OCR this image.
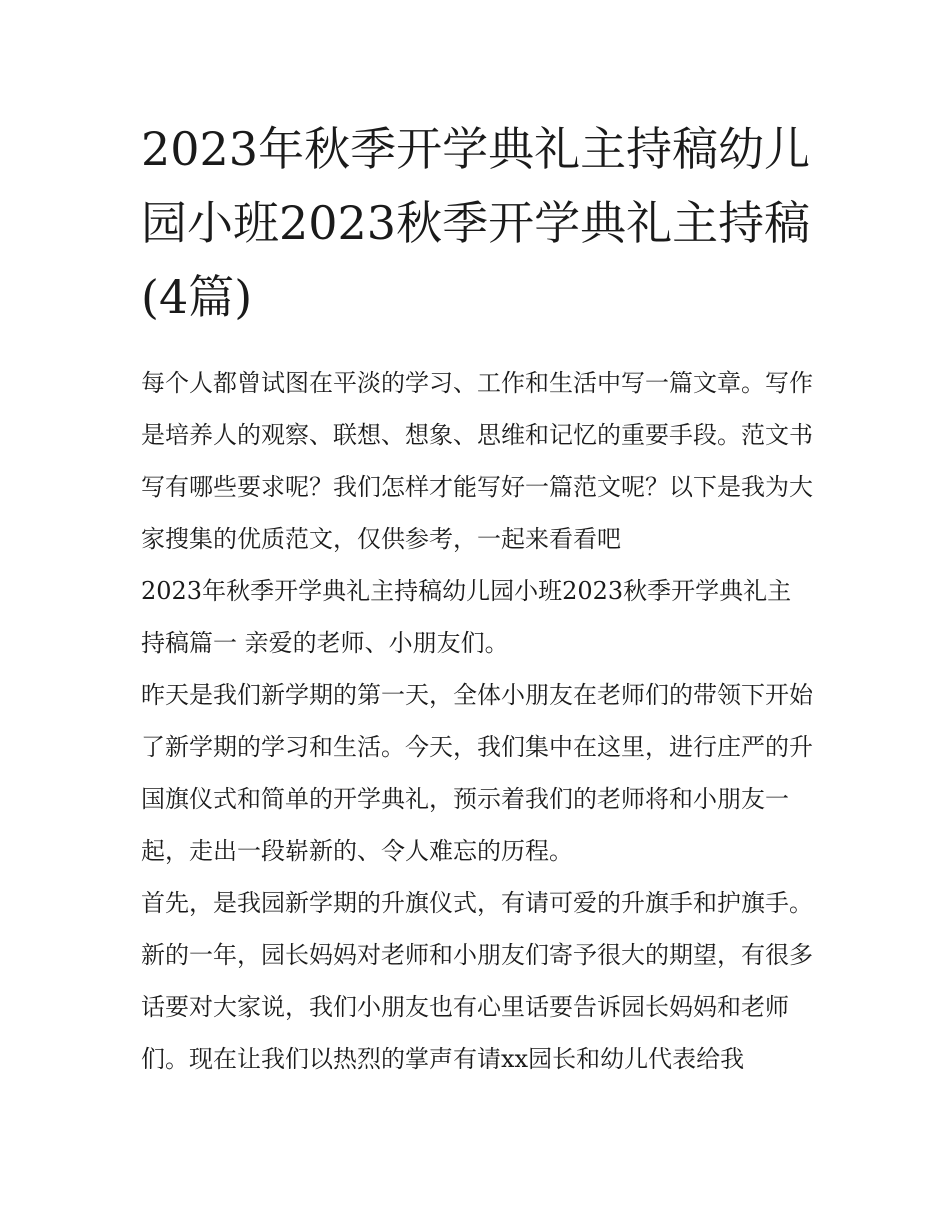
2023年秋季开学典礼主持稿幼儿园小班2023秋季开学典礼主持稿(4篇)

每个人都曾试图在平淡的学习、工作和生活中写一篇文章。写作是培养人的观察、联想、想象、思维和记忆的重要手段。范文书写有哪些要求呢？我们怎样才能写好一篇范文呢？以下是我为大家搜集的优质范文，仅供参考，一起来看看吧

2023年秋季开学典礼主持稿幼儿园小班2023秋季开学典礼主持稿篇一 亲爱的老师、小朋友们。

昨天是我们新学期的第一天，全体小朋友在老师们的带领下开始了新学期的学习和生活。今天，我们集中在这里，进行庄严的升国旗仪式和简单的开学典礼，预示着我们的老师将和小朋友一起，走出一段崭新的、令人难忘的历程。

首先，是我园新学期的升旗仪式，有请可爱的升旗手和护旗手。

新的一年，园长妈妈对老师和小朋友们寄予很大的期望，有很多话要对大家说，我们小朋友也有心里话要告诉园长妈妈和老师们。现在让我们以热烈的掌声有请xx园长和幼儿代表给我
